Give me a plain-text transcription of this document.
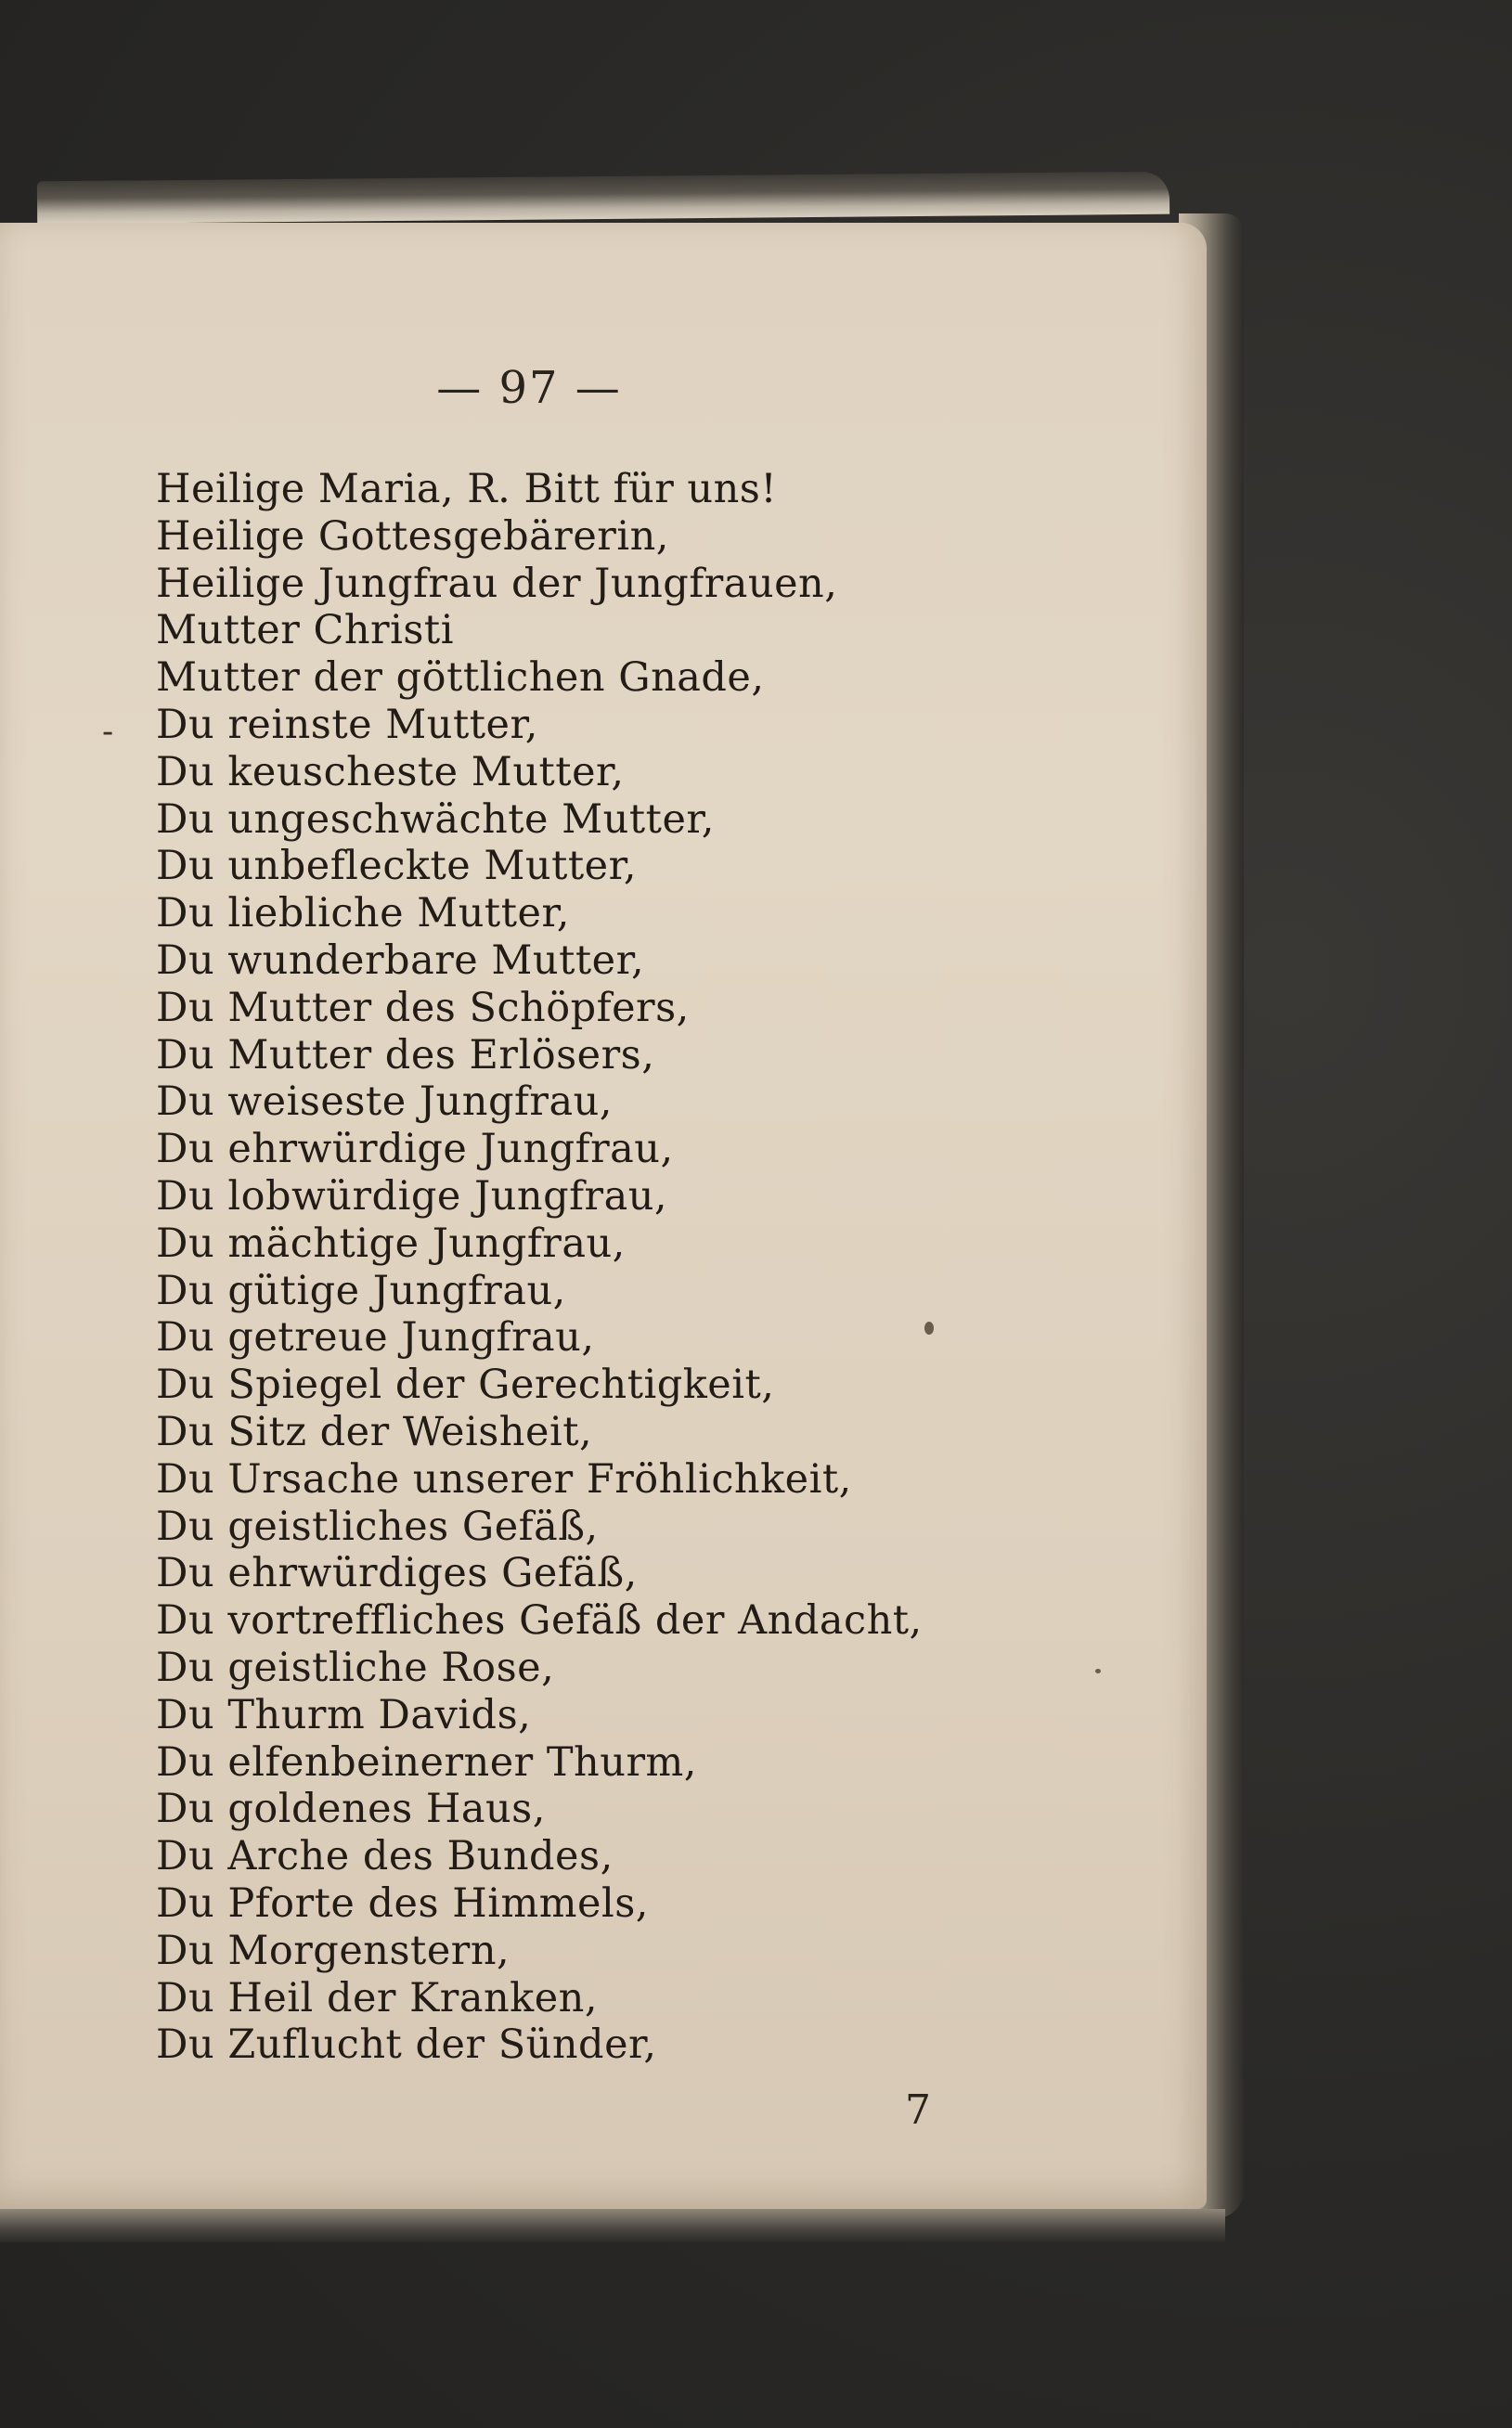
— 97 —
-
Heilige Maria, R. Bitt für uns!
Heilige Gottesgebärerin,
Heilige Jungfrau der Jungfrauen,
Mutter Christi
Mutter der göttlichen Gnade,
Du reinste Mutter,
Du keuscheste Mutter,
Du ungeschwächte Mutter,
Du unbefleckte Mutter,
Du liebliche Mutter,
Du wunderbare Mutter,
Du Mutter des Schöpfers,
Du Mutter des Erlösers,
Du weiseste Jungfrau,
Du ehrwürdige Jungfrau,
Du lobwürdige Jungfrau,
Du mächtige Jungfrau,
Du gütige Jungfrau,
Du getreue Jungfrau,
Du Spiegel der Gerechtigkeit,
Du Sitz der Weisheit,
Du Ursache unserer Fröhlichkeit,
Du geistliches Gefäß,
Du ehrwürdiges Gefäß,
Du vortreffliches Gefäß der Andacht,
Du geistliche Rose,
Du Thurm Davids,
Du elfenbeinerner Thurm,
Du goldenes Haus,
Du Arche des Bundes,
Du Pforte des Himmels,
Du Morgenstern,
Du Heil der Kranken,
Du Zuflucht der Sünder,
7
